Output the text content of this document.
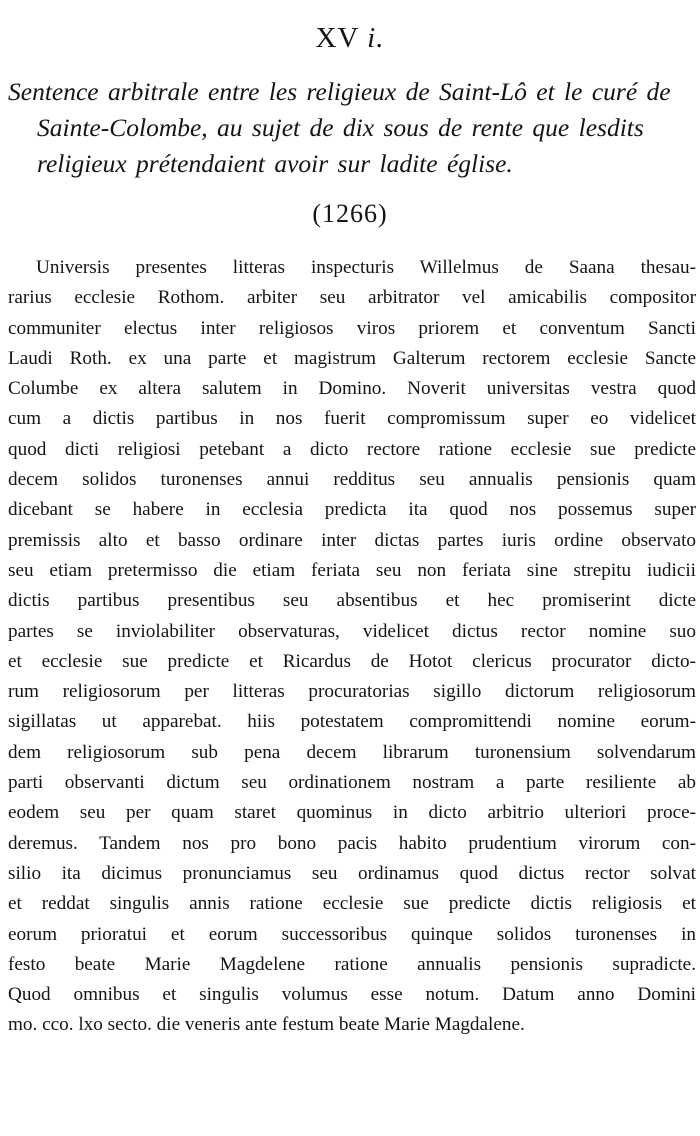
XV i.
Sentence arbitrale entre les religieux de Saint-Lô et le curé de
Sainte-Colombe, au sujet de dix sous de rente que lesdits
religieux prétendaient avoir sur ladite église.
(1266)
Universis presentes litteras inspecturis Willelmus de Saana thesau-
rarius ecclesie Rothom. arbiter seu arbitrator vel amicabilis compositor
communiter electus inter religiosos viros priorem et conventum Sancti
Laudi Roth. ex una parte et magistrum Galterum rectorem ecclesie Sancte
Columbe ex altera salutem in Domino. Noverit universitas vestra quod
cum a dictis partibus in nos fuerit compromissum super eo videlicet
quod dicti religiosi petebant a dicto rectore ratione ecclesie sue predicte
decem solidos turonenses annui redditus seu annualis pensionis quam
dicebant se habere in ecclesia predicta ita quod nos possemus super
premissis alto et basso ordinare inter dictas partes iuris ordine observato
seu etiam pretermisso die etiam feriata seu non feriata sine strepitu iudicii
dictis partibus presentibus seu absentibus et hec promiserint dicte
partes se inviolabiliter observaturas, videlicet dictus rector nomine suo
et ecclesie sue predicte et Ricardus de Hotot clericus procurator dicto-
rum religiosorum per litteras procuratorias sigillo dictorum religiosorum
sigillatas ut apparebat. hiis potestatem compromittendi nomine eorum-
dem religiosorum sub pena decem librarum turonensium solvendarum
parti observanti dictum seu ordinationem nostram a parte resiliente ab
eodem seu per quam staret quominus in dicto arbitrio ulteriori proce-
deremus. Tandem nos pro bono pacis habito prudentium virorum con-
silio ita dicimus pronunciamus seu ordinamus quod dictus rector solvat
et reddat singulis annis ratione ecclesie sue predicte dictis religiosis et
eorum prioratui et eorum successoribus quinque solidos turonenses in
festo beate Marie Magdelene ratione annualis pensionis supradicte.
Quod omnibus et singulis volumus esse notum. Datum anno Domini
mo. cco. lxo secto. die veneris ante festum beate Marie Magdalene.
